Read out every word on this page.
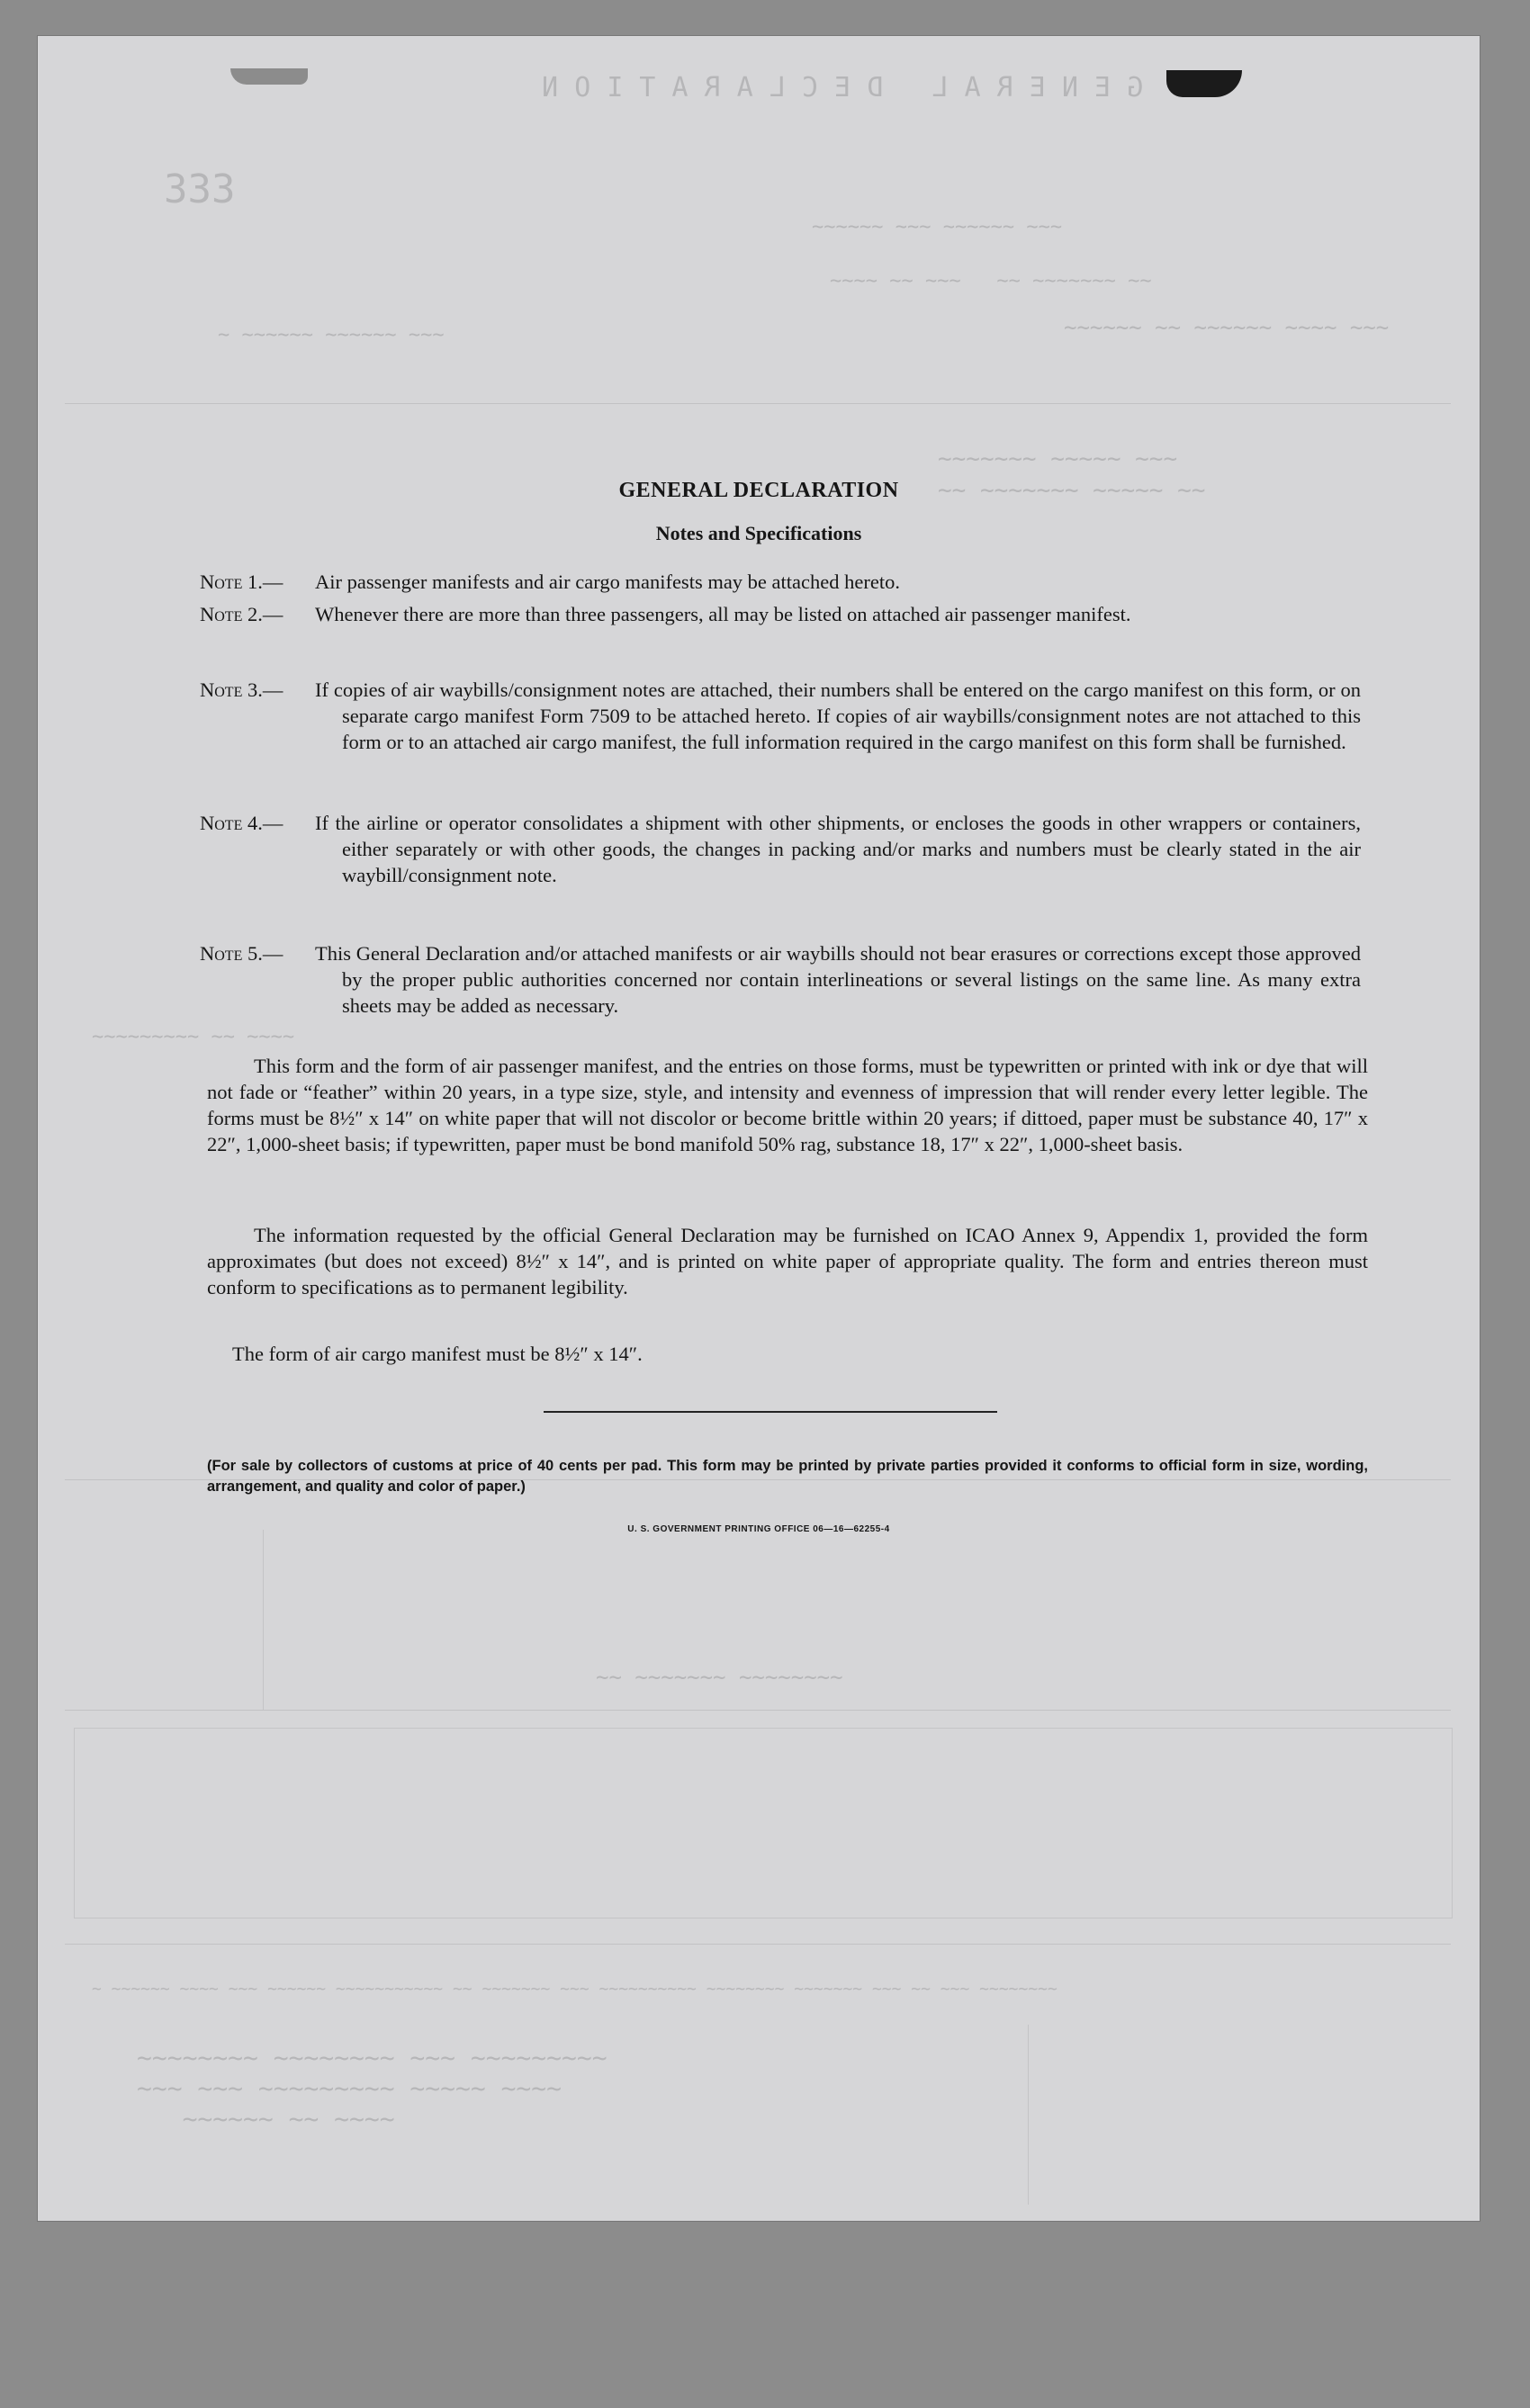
G E N E R A L   D E C L A R A T I O N
333
~~~~~~ ~~~ ~~~~~~ ~~~
~~~~ ~~ ~~~   ~~ ~~~~~~~ ~~
~~~~~~ ~~ ~~~~~~ ~~~~ ~~~
~ ~~~~~~ ~~~~~~ ~~~
~~~~~~~ ~~~~~ ~~~
~~ ~~~~~~~ ~~~~~ ~~
~~~~~~~~~ ~~ ~~~~
~~ ~~~~~~~ ~~~~~~~~
~~~~~~~~ ~~~~~~~~ ~~~ ~~~~~~~~~
~~~ ~~~ ~~~~~~~~~ ~~~~~ ~~~~
~~~~~~ ~~ ~~~~
~ ~~~~~~ ~~~~ ~~~ ~~~~~~ ~~~~~~~~~~~ ~~ ~~~~~~~ ~~~ ~~~~~~~~~~ ~~~~~~~~ ~~~~~~~ ~~~ ~~ ~~~ ~~~~~~~~
GENERAL DECLARATION
Notes and Specifications
Note 1.—	Air passenger manifests and air cargo manifests may be attached hereto.
Note 2.—	Whenever there are more than three passengers, all may be listed on attached air passenger manifest.
Note 3.—	If copies of air waybills/consignment notes are attached, their numbers shall be entered on the cargo manifest on this form, or on separate cargo manifest Form 7509 to be attached hereto. If copies of air waybills/consignment notes are not attached to this form or to an attached air cargo manifest, the full information required in the cargo manifest on this form shall be furnished.
Note 4.—	If the airline or operator consolidates a shipment with other shipments, or encloses the goods in other wrappers or containers, either separately or with other goods, the changes in packing and/or marks and numbers must be clearly stated in the air waybill/consignment note.
Note 5.—	This General Declaration and/or attached manifests or air waybills should not bear erasures or corrections except those approved by the proper public authorities concerned nor contain interlineations or several listings on the same line. As many extra sheets may be added as necessary.
This form and the form of air passenger manifest, and the entries on those forms, must be typewritten or printed with ink or dye that will not fade or “feather” within 20 years, in a type size, style, and intensity and evenness of impression that will render every letter legible. The forms must be 8½″ x 14″ on white paper that will not discolor or become brittle within 20 years; if dittoed, paper must be substance 40, 17″ x 22″, 1,000-sheet basis; if typewritten, paper must be bond manifold 50% rag, substance 18, 17″ x 22″, 1,000-sheet basis.
The information requested by the official General Declaration may be furnished on ICAO Annex 9, Appendix 1, provided the form approximates (but does not exceed) 8½″ x 14″, and is printed on white paper of appropriate quality. The form and entries thereon must conform to specifications as to permanent legibility.
The form of air cargo manifest must be 8½″ x 14″.
(For sale by collectors of customs at price of 40 cents per pad. This form may be printed by private parties provided it conforms to official form in size, wording, arrangement, and quality and color of paper.)
U. S. GOVERNMENT PRINTING OFFICE 06—16—62255-4
